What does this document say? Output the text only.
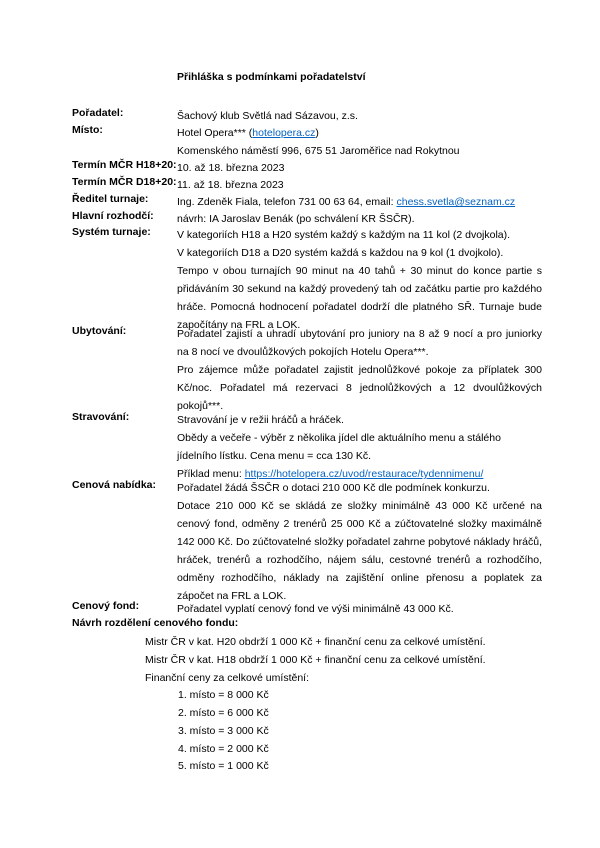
Přihláška s podmínkami pořadatelství
Pořadatel:	Šachový klub Světlá nad Sázavou, z.s.
Místo:	Hotel Opera*** (hotelopera.cz)

Komenského náměstí 996, 675 51 Jaroměřice nad Rokytnou

Termín MČR H18+20: 10. až 18. března 2023
Termín MČR D18+20: 11. až 18. března 2023
Ředitel turnaje:	Ing. Zdeněk Fiala, telefon 731 00 63 64, email: chess.svetla@seznam.cz
Hlavní rozhodčí: návrh: IA Jaroslav Benák (po schválení KR ŠSČR).
Systém turnaje: V kategoriích H18 a H20 systém každý s každým na 11 kol (2 dvojkola).

V kategoriích D18 a D20 systém každá s každou na 9 kol (1 dvojkolo).

Tempo v obou turnajích 90 minut na 40 tahů + 30 minut do konce partie s přidáváním 30 sekund na každý provedený tah od začátku partie pro každého hráče. Pomocná hodnocení pořadatel dodrží dle platného SŘ. Turnaje bude započítány na FRL a LOK.

Ubytování:	Pořadatel zajistí a uhradí ubytování pro juniory na 8 až 9 nocí a pro juniorky na 8 nocí ve dvoulůžkových pokojích Hotelu Opera***.

Pro zájemce může pořadatel zajistit jednolůžkové pokoje za příplatek 300 Kč/noc. Pořadatel má rezervaci 8 jednolůžkových a 12 dvoulůžkových pokojů***.

Stravování:	Stravování je v režii hráčů a hráček.

Obědy a večeře - výběr z několika jídel dle aktuálního menu a stálého jídelního lístku. Cena menu = cca 130 Kč.

Příklad menu: https://hotelopera.cz/uvod/restaurace/tydennimenu/

Cenová nabídka: Pořadatel žádá ŠSČR o dotaci 210 000 Kč dle podmínek konkurzu.

Dotace 210 000 Kč se skládá ze složky minimálně 43 000 Kč určené na cenový fond, odměny 2 trenérů 25 000 Kč a zúčtovatelné složky maximálně 142 000 Kč. Do zúčtovatelné složky pořadatel zahrne pobytové náklady hráčů, hráček, trenérů a rozhodčího, nájem sálu, cestovné trenérů a rozhodčího, odměny rozhodčího, náklady na zajištění online přenosu a poplatek za zápočet na FRL a LOK.

Cenový fond:	Pořadatel vyplatí cenový fond ve výši minimálně 43 000 Kč.
Návrh rozdělení cenového fondu:
Mistr ČR v kat. H20 obdrží 1 000 Kč + finanční cenu za celkové umístění.
Mistr ČR v kat. H18 obdrží 1 000 Kč + finanční cenu za celkové umístění.
Finanční ceny za celkové umístění:
1. místo = 8 000 Kč
2. místo = 6 000 Kč
3. místo = 3 000 Kč
4. místo = 2 000 Kč
5. místo = 1 000 Kč
